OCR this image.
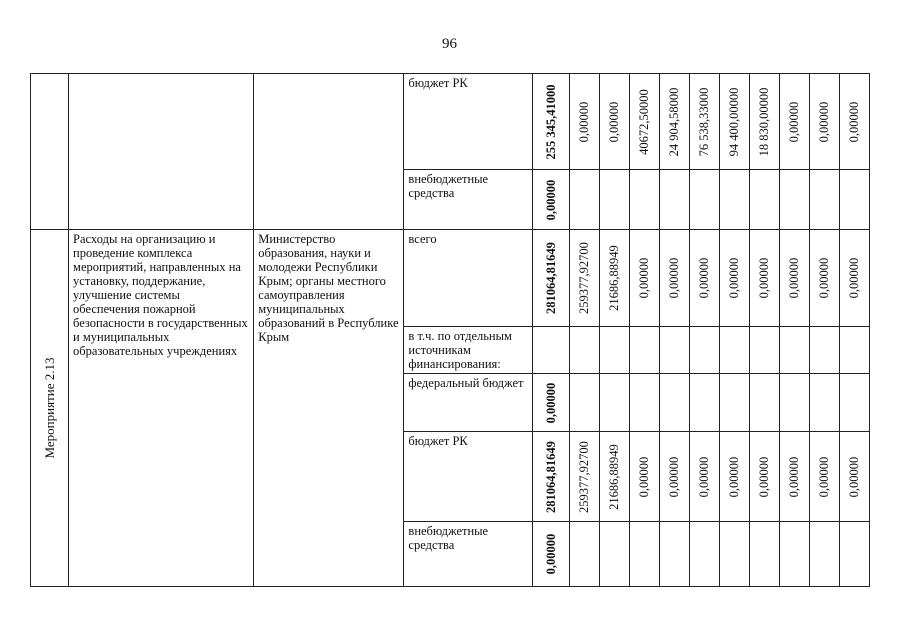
96

			бюджет РК	255 345,41000	0,00000	0,00000	40672,50000	24 904,58000	76 538,33000	94 400,00000	18 830,00000	0,00000	0,00000	0,00000

			внебюджетные средства	0,00000										

Мероприятие 2.13	Расходы на организацию и проведение комплекса мероприятий, направленных на установку, поддержание, улучшение системы обеспечения пожарной безопасности в государственных и муниципальных образовательных учреждениях	Министерство образования, науки и молодежи Республики Крым; органы местного самоуправления муниципальных образований в Республике Крым	всего	281064,81649	259377,92700	21686,88949	0,00000	0,00000	0,00000	0,00000	0,00000	0,00000	0,00000	0,00000

			в т.ч. по отдельным источникам финансирования:											

			федеральный бюджет	0,00000										

			бюджет РК	281064,81649	259377,92700	21686,88949	0,00000	0,00000	0,00000	0,00000	0,00000	0,00000	0,00000	0,00000

			внебюджетные средства	0,00000										
